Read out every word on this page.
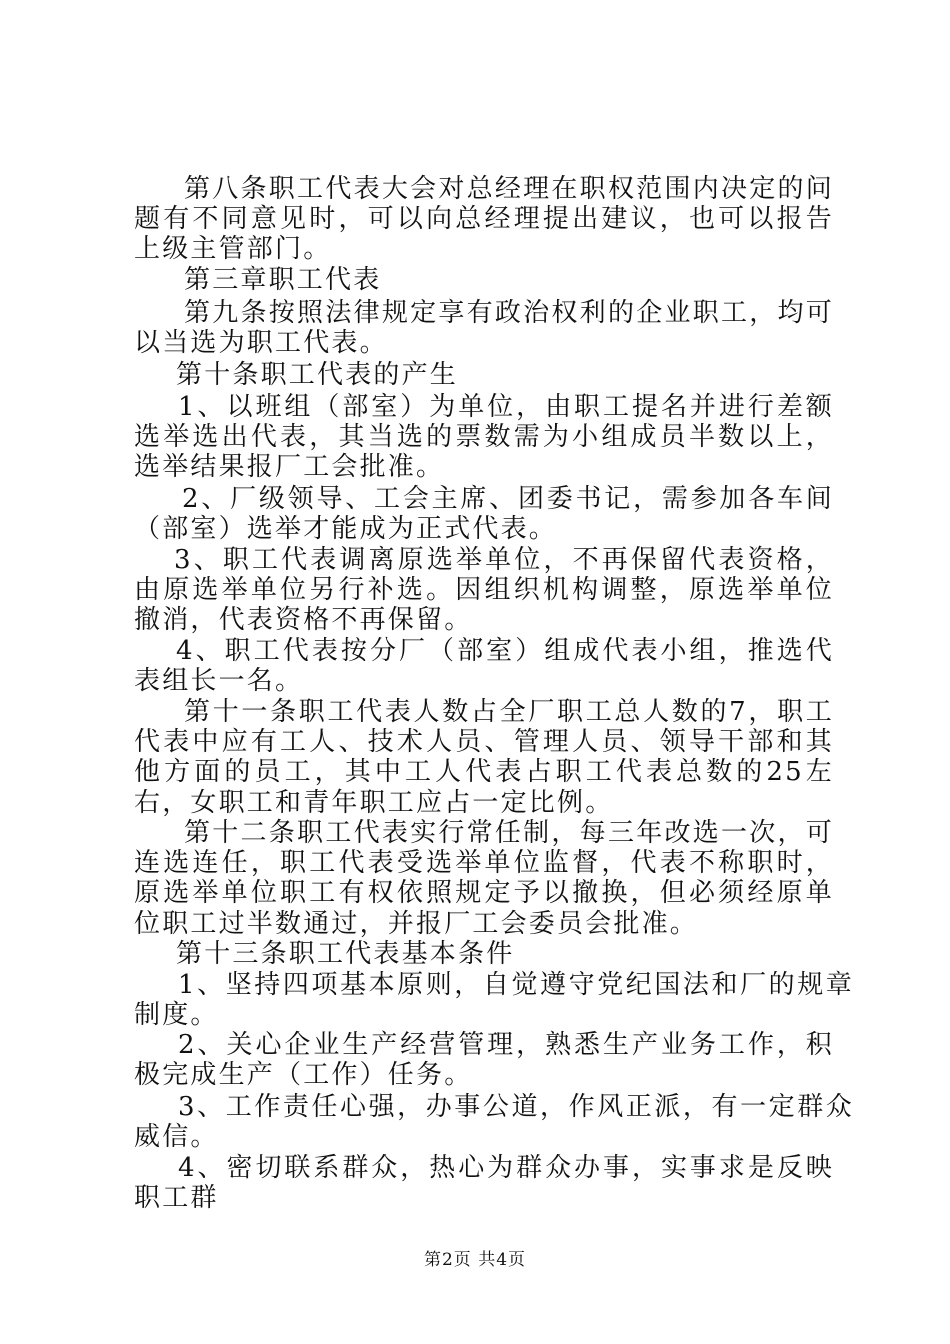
第八条职工代表大会对总经理在职权范围内决定的问题有不同意见时，可以向总经理提出建议，也可以报告上级主管部门。

第三章职工代表

第九条按照法律规定享有政治权利的企业职工，均可以当选为职工代表。

第十条职工代表的产生

1、以班组（部室）为单位，由职工提名并进行差额选举选出代表，其当选的票数需为小组成员半数以上，选举结果报厂工会批准。

2、厂级领导、工会主席、团委书记，需参加各车间（部室）选举才能成为正式代表。

3、职工代表调离原选举单位，不再保留代表资格，由原选举单位另行补选。因组织机构调整，原选举单位撤消，代表资格不再保留。

4、职工代表按分厂（部室）组成代表小组，推选代表组长一名。

第十一条职工代表人数占全厂职工总人数的7，职工代表中应有工人、技术人员、管理人员、领导干部和其他方面的员工，其中工人代表占职工代表总数的25左右，女职工和青年职工应占一定比例。

第十二条职工代表实行常任制，每三年改选一次，可连选连任，职工代表受选举单位监督，代表不称职时，原选举单位职工有权依照规定予以撤换，但必须经原单位职工过半数通过，并报厂工会委员会批准。

第十三条职工代表基本条件

1、坚持四项基本原则，自觉遵守党纪国法和厂的规章制度。

2、关心企业生产经营管理，熟悉生产业务工作，积极完成生产（工作）任务。

3、工作责任心强，办事公道，作风正派，有一定群众威信。

4、密切联系群众，热心为群众办事，实事求是反映职工群

第2页 共4页
